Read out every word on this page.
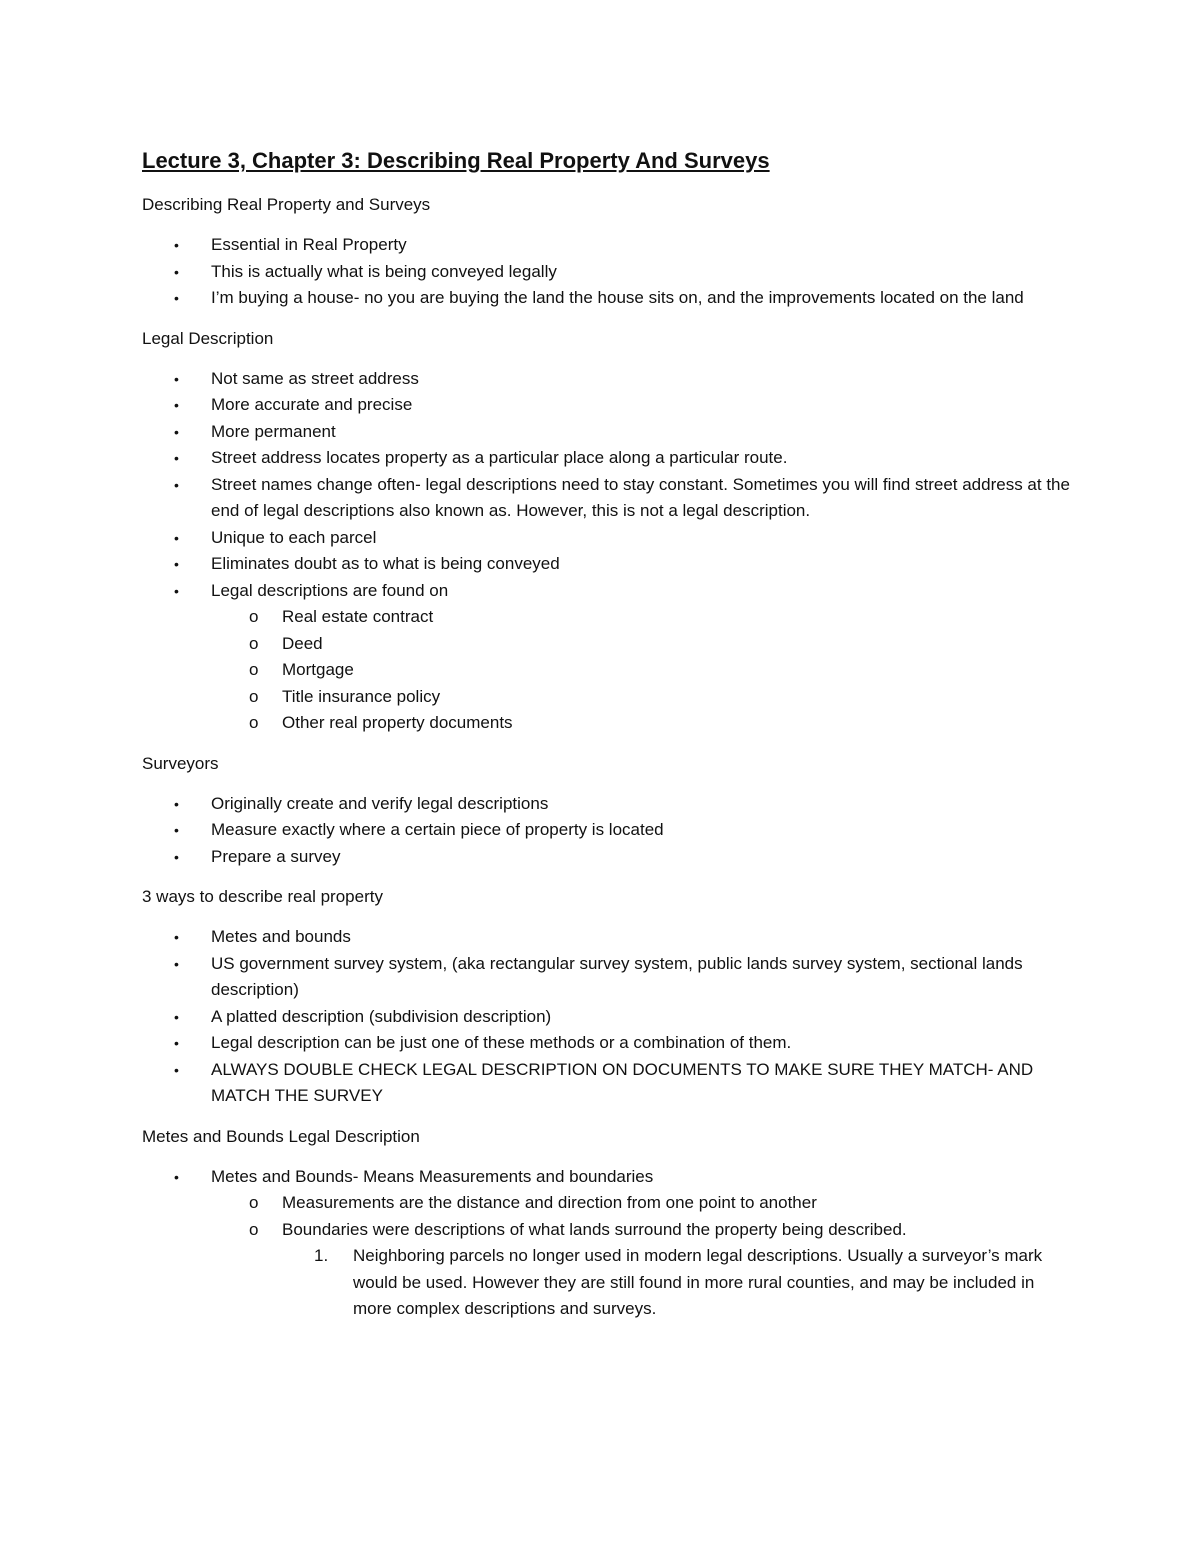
Lecture 3, Chapter 3: Describing Real Property And Surveys
Describing Real Property and Surveys
• Essential in Real Property
• This is actually what is being conveyed legally
• I’m buying a house- no you are buying the land the house sits on, and the improvements located on the land
Legal Description
• Not same as street address
• More accurate and precise
• More permanent
• Street address locates property as a particular place along a particular route.
• Street names change often- legal descriptions need to stay constant. Sometimes you will find street address at the end of legal descriptions also known as. However, this is not a legal description.
• Unique to each parcel
• Eliminates doubt as to what is being conveyed
• Legal descriptions are found on
o Real estate contract
o Deed
o Mortgage
o Title insurance policy
o Other real property documents
Surveyors
• Originally create and verify legal descriptions
• Measure exactly where a certain piece of property is located
• Prepare a survey
3 ways to describe real property
• Metes and bounds
• US government survey system, (aka rectangular survey system, public lands survey system, sectional lands description)
• A platted description (subdivision description)
• Legal description can be just one of these methods or a combination of them.
• ALWAYS DOUBLE CHECK LEGAL DESCRIPTION ON DOCUMENTS TO MAKE SURE THEY MATCH- AND MATCH THE SURVEY
Metes and Bounds Legal Description
• Metes and Bounds- Means Measurements and boundaries
o Measurements are the distance and direction from one point to another
o Boundaries were descriptions of what lands surround the property being described.
1. Neighboring parcels no longer used in modern legal descriptions. Usually a surveyor’s mark would be used. However they are still found in more rural counties, and may be included in more complex descriptions and surveys.
